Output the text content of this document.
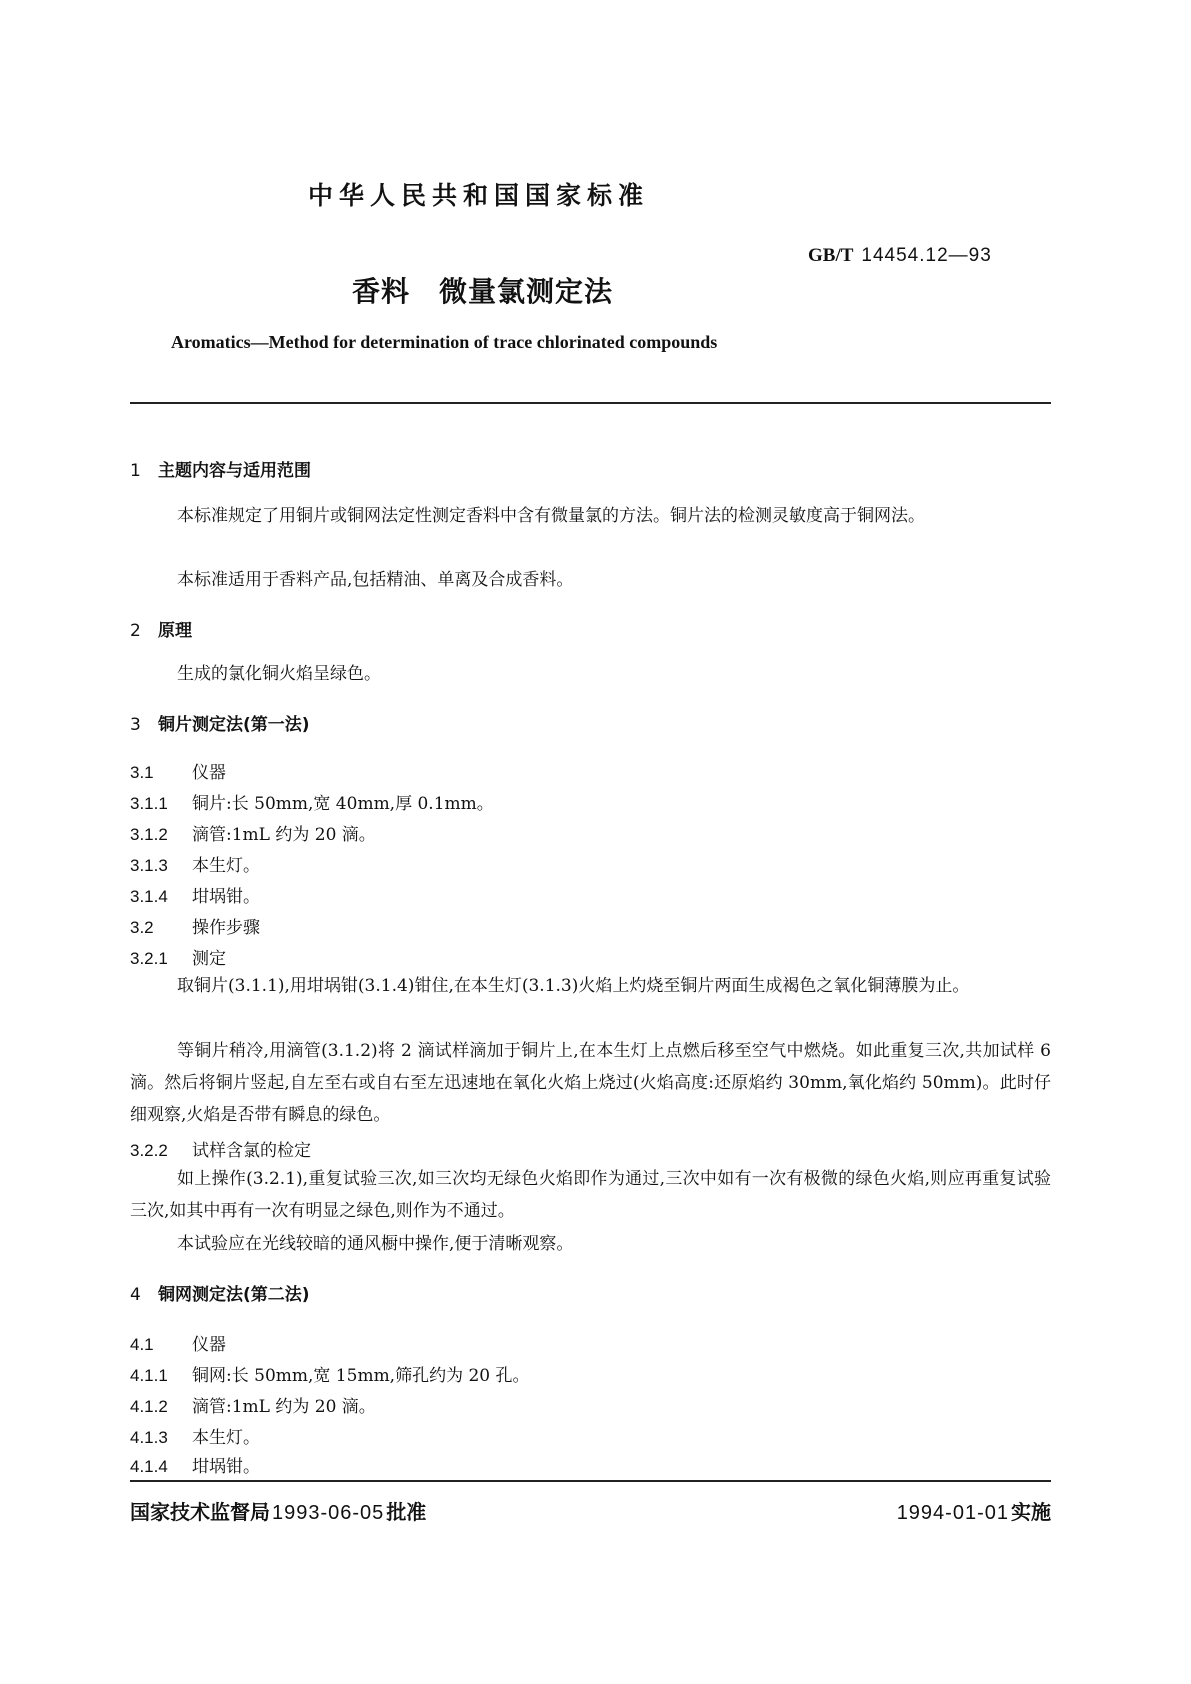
中华人民共和国国家标准
GB/T 14454.12—93
香料　微量氯测定法
Aromatics—Method for determination of trace chlorinated compounds
1 主题内容与适用范围

本标准规定了用铜片或铜网法定性测定香料中含有微量氯的方法。铜片法的检测灵敏度高于铜网法。

本标准适用于香料产品,包括精油、单离及合成香料。

2 原理

生成的氯化铜火焰呈绿色。

3 铜片测定法(第一法)
3.1 仪器
3.1.1 铜片:长 50mm,宽 40mm,厚 0.1mm。
3.1.2 滴管:1mL 约为 20 滴。
3.1.3 本生灯。
3.1.4 坩埚钳。
3.2 操作步骤
3.2.1 测定

取铜片(3.1.1),用坩埚钳(3.1.4)钳住,在本生灯(3.1.3)火焰上灼烧至铜片两面生成褐色之氧化铜薄膜为止。

等铜片稍冷,用滴管(3.1.2)将 2 滴试样滴加于铜片上,在本生灯上点燃后移至空气中燃烧。如此重复三次,共加试样 6 滴。然后将铜片竖起,自左至右或自右至左迅速地在氧化火焰上烧过(火焰高度:还原焰约 30mm,氧化焰约 50mm)。此时仔细观察,火焰是否带有瞬息的绿色。

3.2.2 试样含氯的检定

如上操作(3.2.1),重复试验三次,如三次均无绿色火焰即作为通过,三次中如有一次有极微的绿色火焰,则应再重复试验三次,如其中再有一次有明显之绿色,则作为不通过。

本试验应在光线较暗的通风橱中操作,便于清晰观察。

4 铜网测定法(第二法)
4.1 仪器
4.1.1 铜网:长 50mm,宽 15mm,筛孔约为 20 孔。
4.1.2 滴管:1mL 约为 20 滴。
4.1.3 本生灯。
4.1.4 坩埚钳。
国家技术监督局 1993-06-05 批准	1994-01-01 实施
